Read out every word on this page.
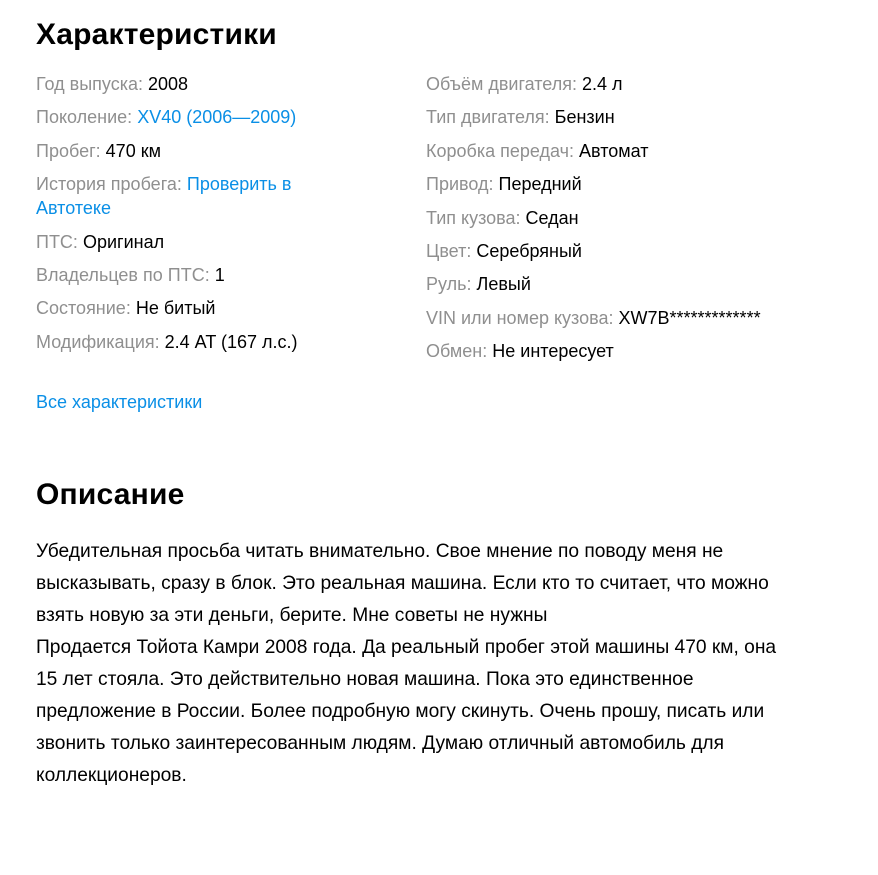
Характеристики
Год выпуска: 2008
Поколение: XV40 (2006—2009)
Пробег: 470 км
История пробега: Проверить в Автотеке
ПТС: Оригинал
Владельцев по ПТС: 1
Состояние: Не битый
Модификация: 2.4 AT (167 л.с.)
Объём двигателя: 2.4 л
Тип двигателя: Бензин
Коробка передач: Автомат
Привод: Передний
Тип кузова: Седан
Цвет: Серебряный
Руль: Левый
VIN или номер кузова: XW7B*************
Обмен: Не интересует
Все характеристики
Описание

Убедительная просьба читать внимательно. Свое мнение по поводу меня не
высказывать, сразу в блок. Это реальная машина. Если кто то считает, что можно
взять новую за эти деньги, берите. Мне советы не нужны
Продается Тойота Камри 2008 года. Да реальный пробег этой машины 470 км, она
15 лет стояла. Это действительно новая машина. Пока это единственное
предложение в России. Более подробную могу скинуть. Очень прошу, писать или
звонить только заинтересованным людям. Думаю отличный автомобиль для
коллекционеров.
